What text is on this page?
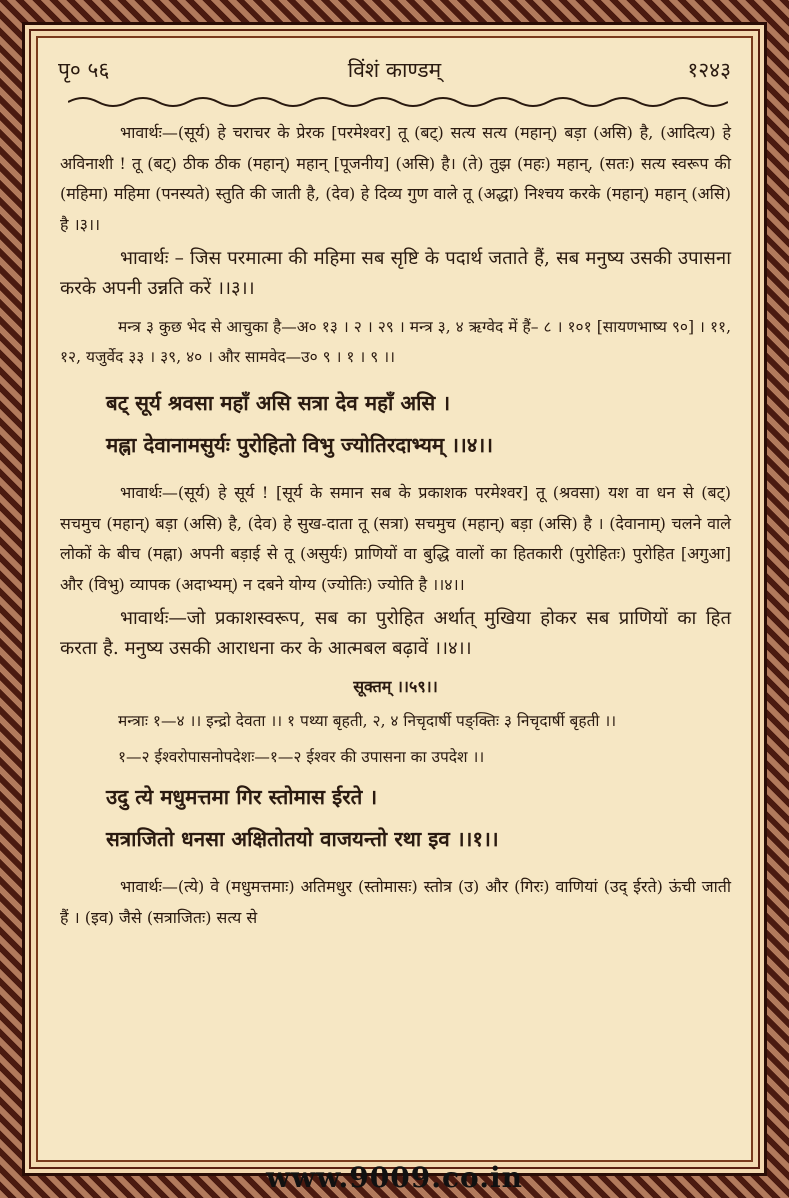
पृ० ५६	विंशं काण्डम्	१२४३

भावार्थः—(सूर्य) हे चराचर के प्रेरक [परमेश्वर] तू (बट्) सत्य सत्य (महान्) बड़ा (असि) है, (आदित्य) हे अविनाशी ! तू (बट्) ठीक ठीक (महान्) महान् [पूजनीय] (असि) है। (ते) तुझ (महः) महान्, (सतः) सत्य स्वरूप की (महिमा) महिमा (पनस्यते) स्तुति की जाती है, (देव) हे दिव्य गुण वाले तू (अद्धा) निश्चय करके (महान्) महान् (असि) है ।३।।

भावार्थः – जिस परमात्मा की महिमा सब सृष्टि के पदार्थ जताते हैं, सब मनुष्य उसकी उपासना करके अपनी उन्नति करें ।।३।।

मन्त्र ३ कुछ भेद से आचुका है—अ० १३ । २ । २९ । मन्त्र ३, ४ ऋग्वेद में हैं– ८ । १०१ [सायणभाष्य ९०] । ११, १२, यजुर्वेद ३३ । ३९, ४० । और सामवेद—उ० ९ । १ । ९ ।।

बट् सूर्य श्रवसा महाँ असि सत्रा देव महाँ असि ।

मह्ना देवानामसुर्यः पुरोहितो विभु ज्योतिरदाभ्यम् ।।४।।

भावार्थः—(सूर्य) हे सूर्य ! [सूर्य के समान सब के प्रकाशक परमेश्वर] तू (श्रवसा) यश वा धन से (बट्) सचमुच (महान्) बड़ा (असि) है, (देव) हे सुख-दाता तू (सत्रा) सचमुच (महान्) बड़ा (असि) है । (देवानाम्) चलने वाले लोकों के बीच (मह्ना) अपनी बड़ाई से तू (असुर्यः) प्राणियों वा बुद्धि वालों का हितकारी (पुरोहितः) पुरोहित [अगुआ] और (विभु) व्यापक (अदाभ्यम्) न दबने योग्य (ज्योतिः) ज्योति है ।।४।।

भावार्थः—जो प्रकाशस्वरूप, सब का पुरोहित अर्थात् मुखिया होकर सब प्राणियों का हित करता है. मनुष्य उसकी आराधना कर के आत्मबल बढ़ावें ।।४।।

सूक्तम् ।।५९।।

मन्त्राः १—४ ।। इन्द्रो देवता ।। १ पथ्या बृहती, २, ४ निचृदार्षी पङ्क्तिः ३ निचृदार्षी बृहती ।।

१—२ ईश्वरोपासनोपदेशः—१—२ ईश्वर की उपासना का उपदेश ।।

उदु त्ये मधुमत्तमा गिर स्तोमास ईरते ।

सत्राजितो धनसा अक्षितोतयो वाजयन्तो रथा इव ।।१।।

भावार्थः—(त्ये) वे (मधुमत्तमाः) अतिमधुर (स्तोमासः) स्तोत्र (उ) और (गिरः) वाणियां (उद् ईरते) ऊंची जाती हैं । (इव) जैसे (सत्राजितः) सत्य से

www.9009.co.in
